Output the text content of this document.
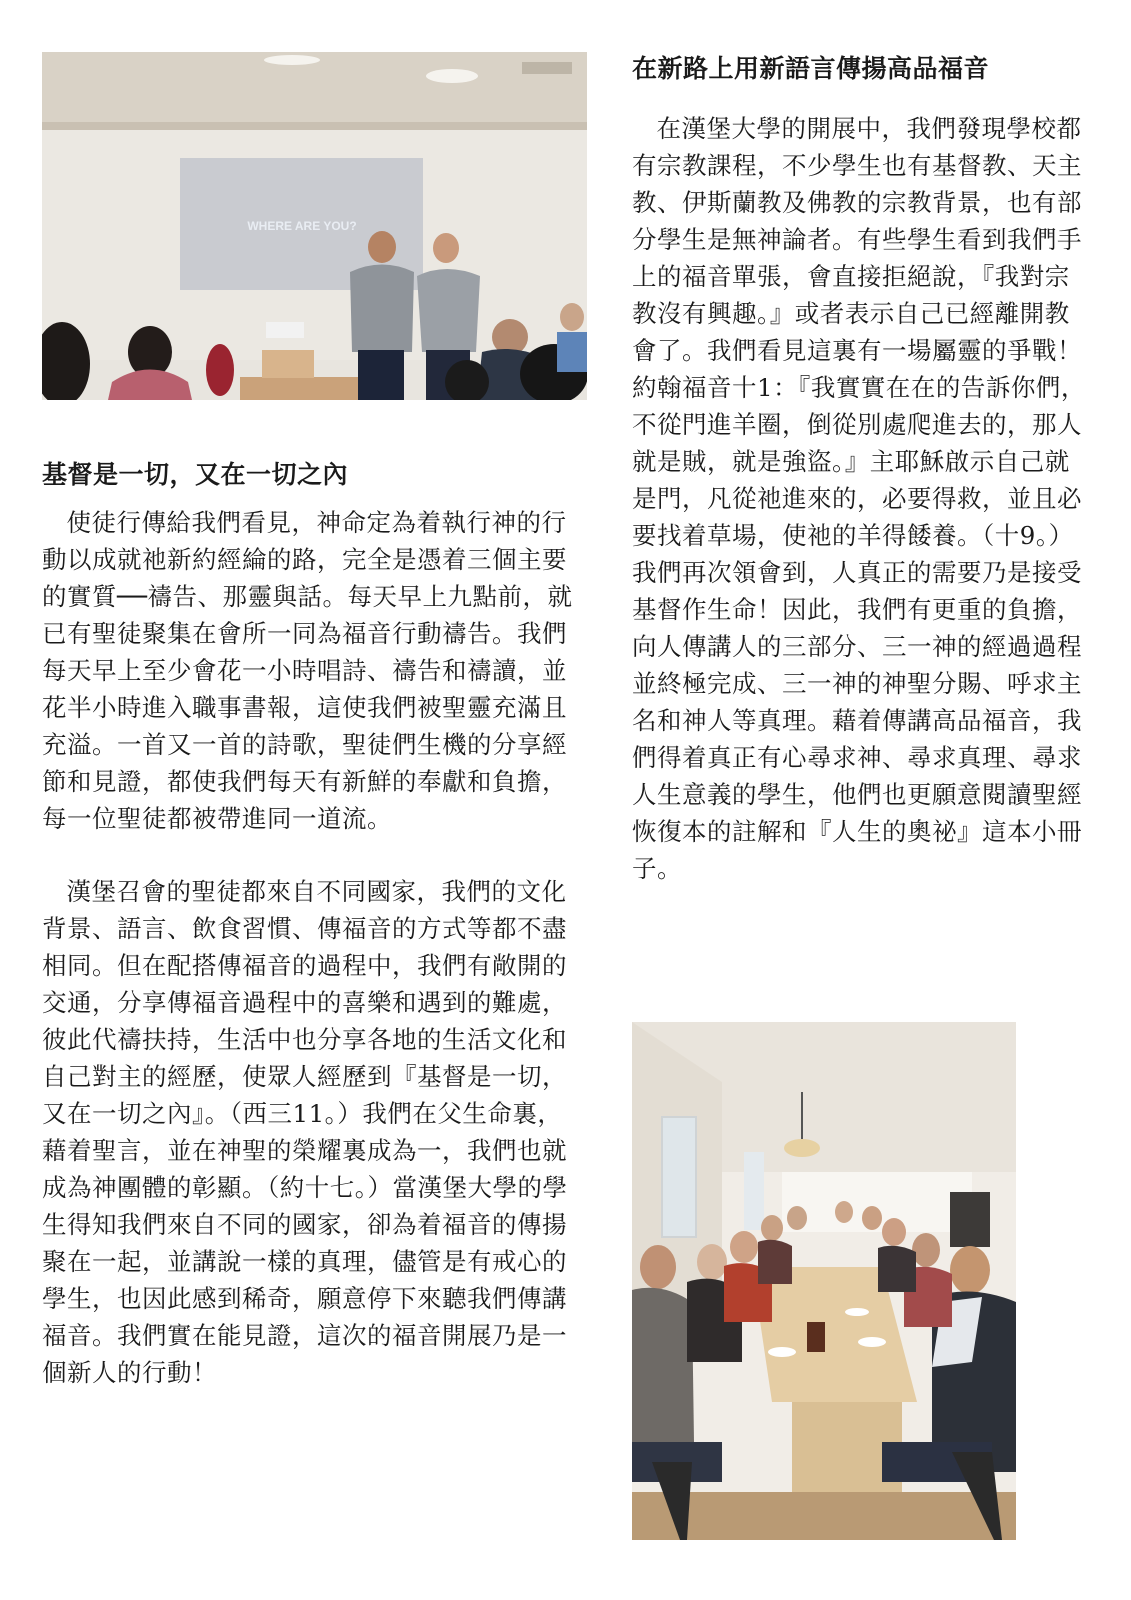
WHERE ARE YOU?
基督是一切，又在一切之內

使徒行傳給我們看見，神命定為着執行神的行動以成就祂新約經綸的路，完全是憑着三個主要的實質──禱告、那靈與話。每天早上九點前，就已有聖徒聚集在會所一同為福音行動禱告。我們每天早上至少會花一小時唱詩、禱告和禱讀，並花半小時進入職事書報，這使我們被聖靈充滿且充溢。一首又一首的詩歌，聖徒們生機的分享經節和見證，都使我們每天有新鮮的奉獻和負擔，每一位聖徒都被帶進同一道流。

漢堡召會的聖徒都來自不同國家，我們的文化背景、語言、飲食習慣、傳福音的方式等都不盡相同。但在配搭傳福音的過程中，我們有敞開的交通，分享傳福音過程中的喜樂和遇到的難處，彼此代禱扶持，生活中也分享各地的生活文化和自己對主的經歷，使眾人經歷到『基督是一切，又在一切之內』。（西三11。）我們在父生命裏，藉着聖言，並在神聖的榮耀裏成為一，我們也就成為神團體的彰顯。（約十七。）當漢堡大學的學生得知我們來自不同的國家，卻為着福音的傳揚聚在一起，並講說一樣的真理，儘管是有戒心的學生，也因此感到稀奇，願意停下來聽我們傳講福音。我們實在能見證，這次的福音開展乃是一個新人的行動！

在新路上用新語言傳揚高品福音

在漢堡大學的開展中，我們發現學校都有宗教課程，不少學生也有基督教、天主教、伊斯蘭教及佛教的宗教背景，也有部分學生是無神論者。有些學生看到我們手上的福音單張，會直接拒絕說，『我對宗教沒有興趣。』或者表示自己已經離開教會了。我們看見這裏有一場屬靈的爭戰！約翰福音十1：『我實實在在的告訴你們，不從門進羊圈，倒從別處爬進去的，那人就是賊，就是強盜。』主耶穌啟示自己就是門，凡從祂進來的，必要得救，並且必要找着草場，使祂的羊得餧養。（十9。）我們再次領會到，人真正的需要乃是接受基督作生命！因此，我們有更重的負擔，向人傳講人的三部分、三一神的經過過程並終極完成、三一神的神聖分賜、呼求主名和神人等真理。藉着傳講高品福音，我們得着真正有心尋求神、尋求真理、尋求人生意義的學生，他們也更願意閱讀聖經恢復本的註解和『人生的奧祕』這本小冊子。
